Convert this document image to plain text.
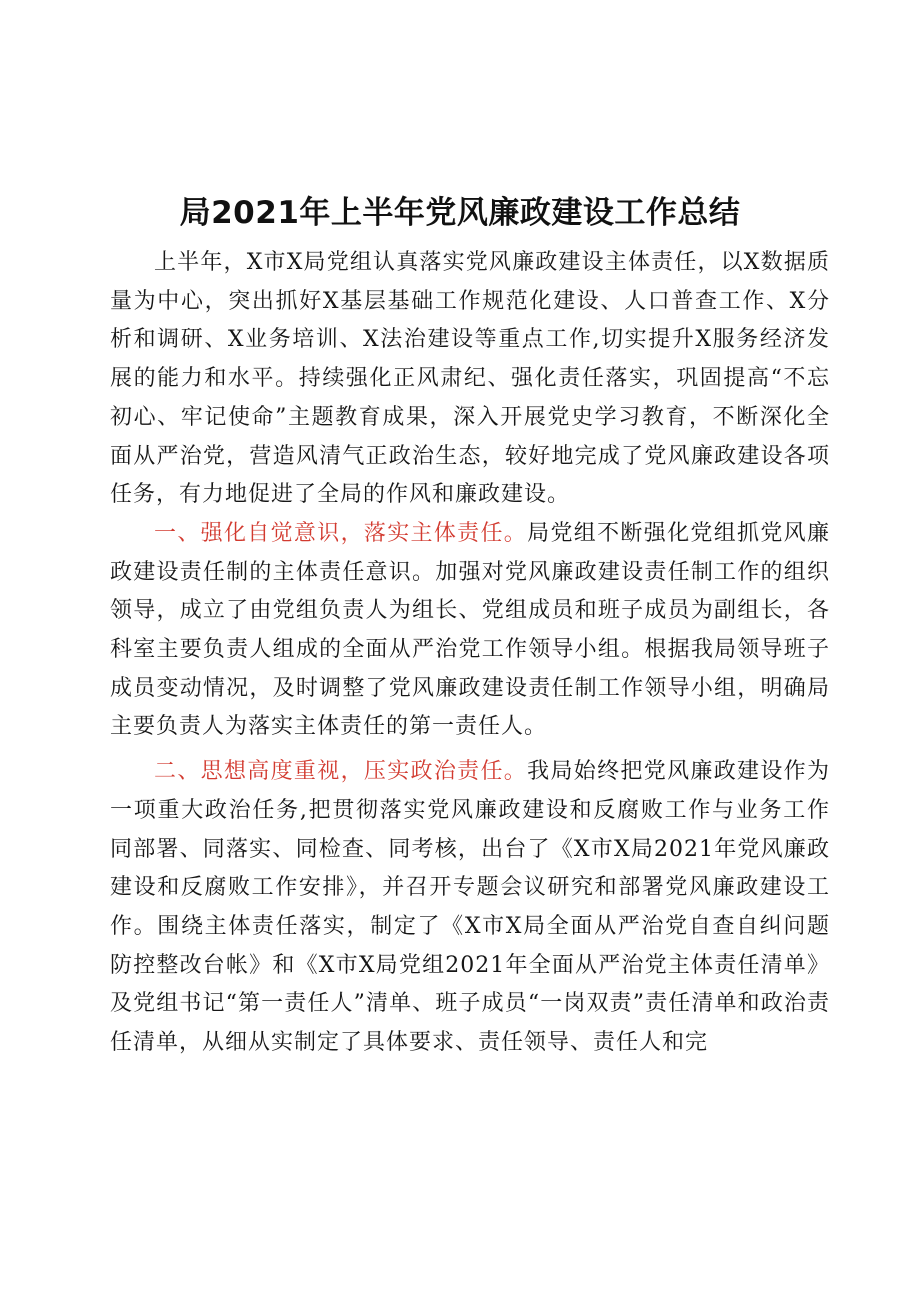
局2021年上半年党风廉政建设工作总结

上半年，X市X局党组认真落实党风廉政建设主体责任，以X数据质量为中心，突出抓好X基层基础工作规范化建设、人口普查工作、X分析和调研、X业务培训、X法治建设等重点工作,切实提升X服务经济发展的能力和水平。持续强化正风肃纪、强化责任落实，巩固提高“不忘初心、牢记使命”主题教育成果，深入开展党史学习教育，不断深化全面从严治党，营造风清气正政治生态，较好地完成了党风廉政建设各项任务，有力地促进了全局的作风和廉政建设。

一、强化自觉意识，落实主体责任。局党组不断强化党组抓党风廉政建设责任制的主体责任意识。加强对党风廉政建设责任制工作的组织领导，成立了由党组负责人为组长、党组成员和班子成员为副组长，各科室主要负责人组成的全面从严治党工作领导小组。根据我局领导班子成员变动情况，及时调整了党风廉政建设责任制工作领导小组，明确局主要负责人为落实主体责任的第一责任人。

二、思想高度重视，压实政治责任。我局始终把党风廉政建设作为一项重大政治任务,把贯彻落实党风廉政建设和反腐败工作与业务工作同部署、同落实、同检查、同考核，出台了《X市X局2021年党风廉政建设和反腐败工作安排》，并召开专题会议研究和部署党风廉政建设工作。围绕主体责任落实，制定了《X市X局全面从严治党自查自纠问题防控整改台帐》和《X市X局党组2021年全面从严治党主体责任清单》及党组书记“第一责任人”清单、班子成员“一岗双责”责任清单和政治责任清单，从细从实制定了具体要求、责任领导、责任人和完
